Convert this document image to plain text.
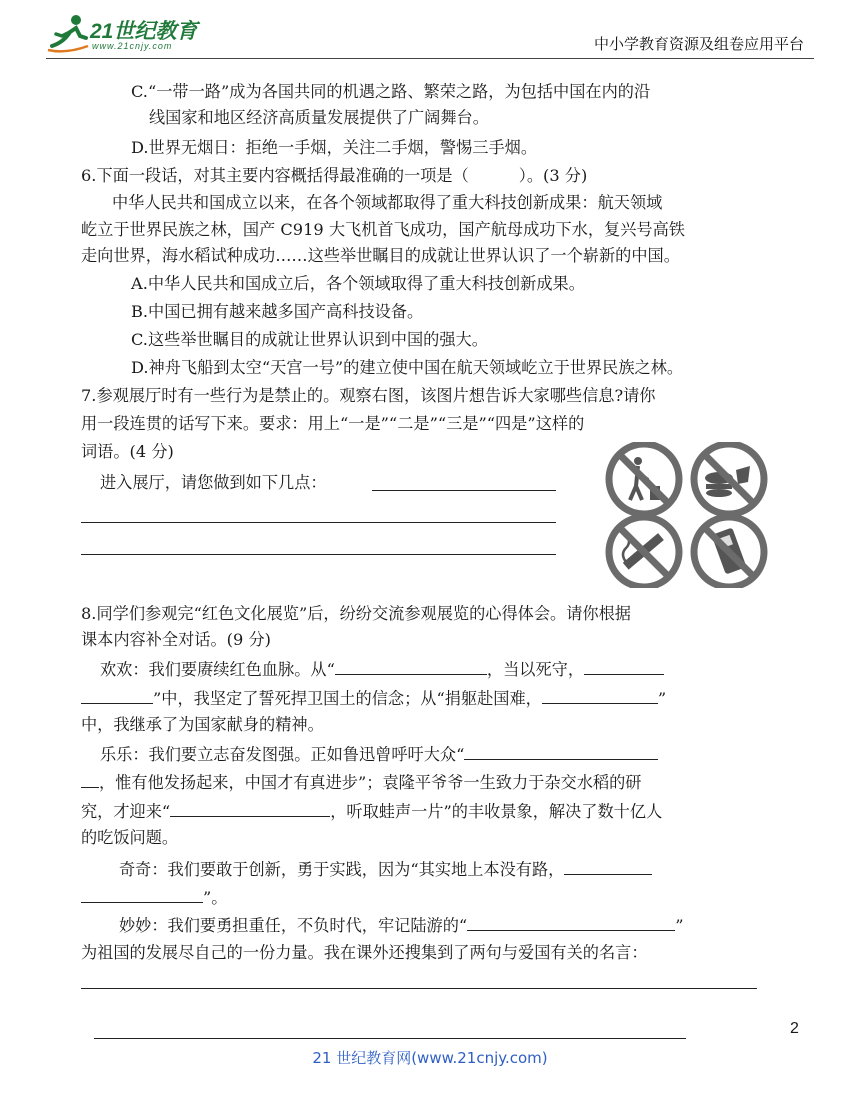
21世纪教育
www.21cnjy.com	中小学教育资源及组卷应用平台
C.“一带一路”成为各国共同的机遇之路、繁荣之路，为包括中国在内的沿
线国家和地区经济高质量发展提供了广阔舞台。
D.世界无烟日：拒绝一手烟，关注二手烟，警惕三手烟。
6.下面一段话，对其主要内容概括得最准确的一项是（	）。(3 分)
中华人民共和国成立以来，在各个领域都取得了重大科技创新成果：航天领域
屹立于世界民族之林，国产 C919 大飞机首飞成功，国产航母成功下水，复兴号高铁
走向世界，海水稻试种成功……这些举世瞩目的成就让世界认识了一个崭新的中国。
A.中华人民共和国成立后，各个领域取得了重大科技创新成果。
B.中国已拥有越来越多国产高科技设备。
C.这些举世瞩目的成就让世界认识到中国的强大。
D.神舟飞船到太空“天宫一号”的建立使中国在航天领域屹立于世界民族之林。
7.参观展厅时有一些行为是禁止的。观察右图，该图片想告诉大家哪些信息?请你
用一段连贯的话写下来。要求：用上“一是”“二是”“三是”“四是”这样的
词语。(4 分)
进入展厅，请您做到如下几点：
8.同学们参观完“红色文化展览”后，纷纷交流参观展览的心得体会。请你根据
课本内容补全对话。(9 分)
欢欢：我们要赓续红色血脉。从“	，当以死守，
”中，我坚定了誓死捍卫国土的信念；从“捐躯赴国难，	”
中，我继承了为国家献身的精神。
乐乐：我们要立志奋发图强。正如鲁迅曾呼吁大众“
，惟有他发扬起来，中国才有真进步”；袁隆平爷爷一生致力于杂交水稻的研
究，才迎来“	，听取蛙声一片”的丰收景象，解决了数十亿人
的吃饭问题。
奇奇：我们要敢于创新，勇于实践，因为“其实地上本没有路，
”。
妙妙：我们要勇担重任，不负时代，牢记陆游的“	”
为祖国的发展尽自己的一份力量。我在课外还搜集到了两句与爱国有关的名言：
2
21 世纪教育网(www.21cnjy.com)
